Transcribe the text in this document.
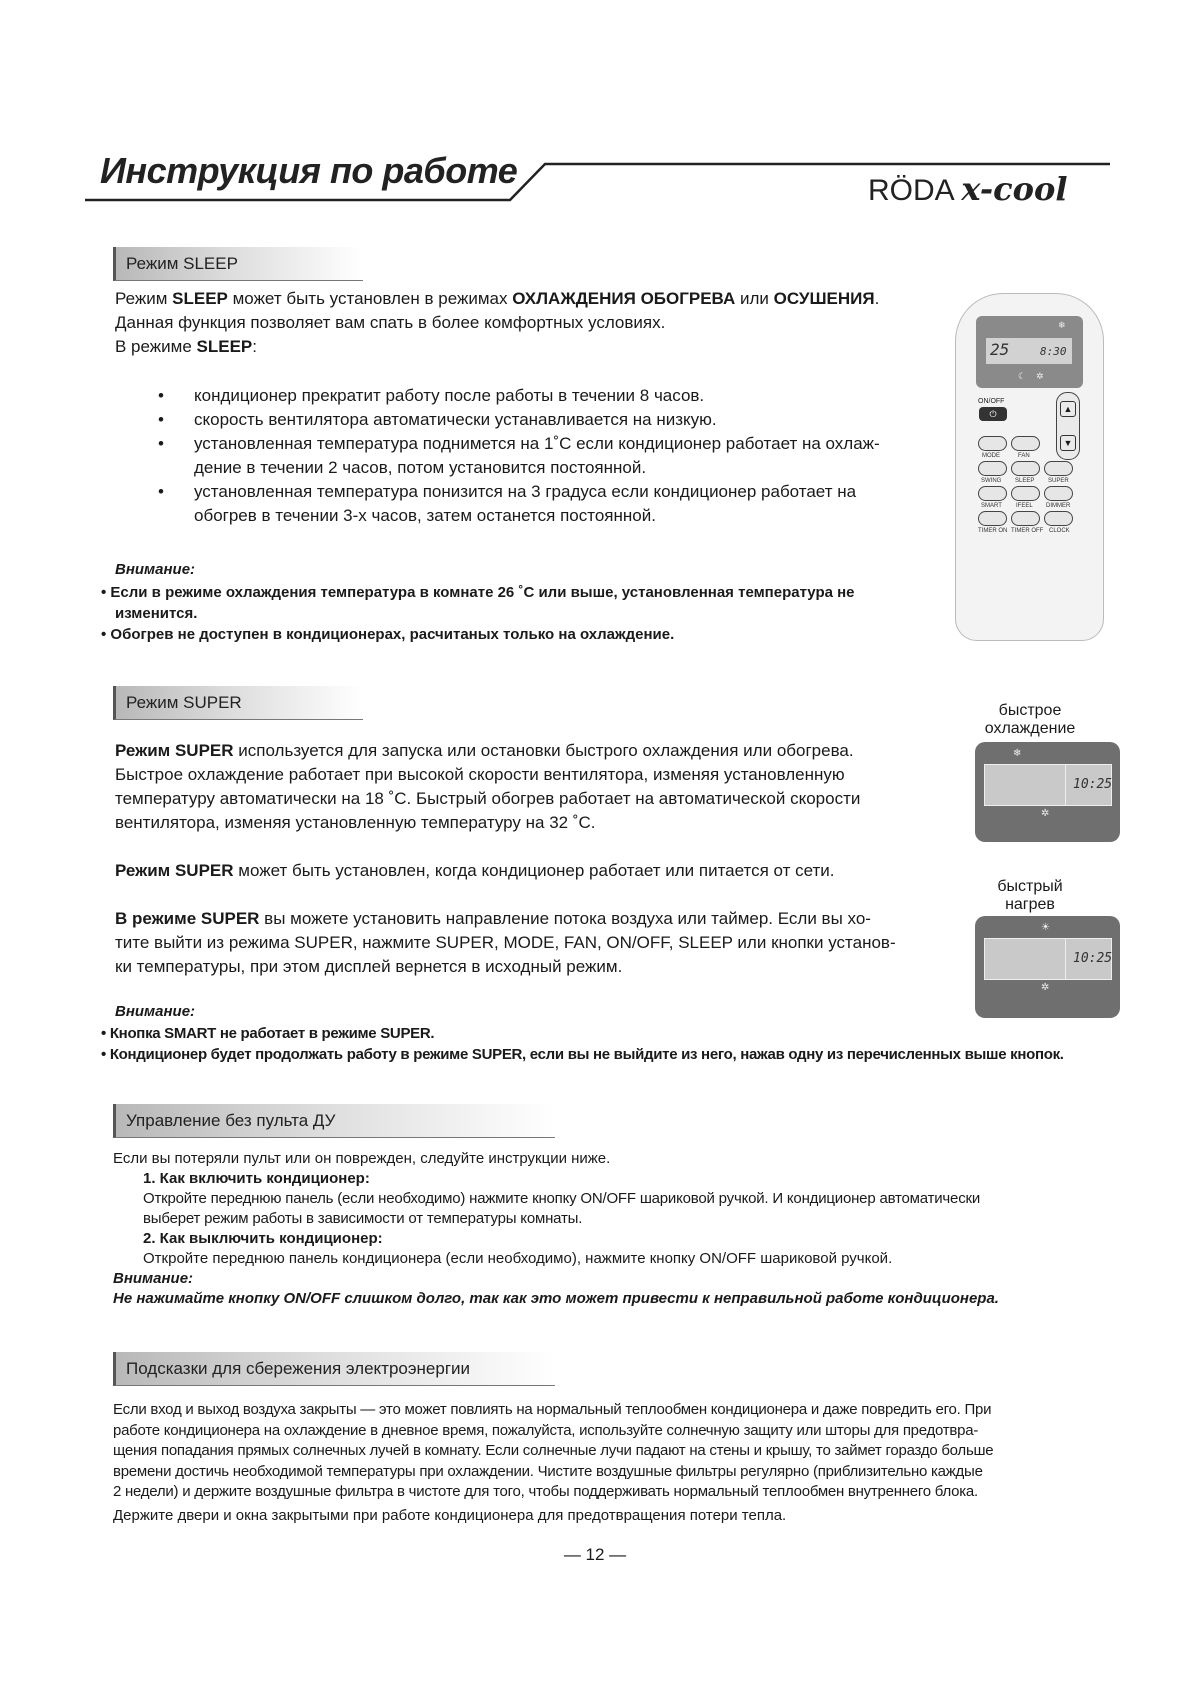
Инструкция по работе	RÖDA x-cool
Режим SLEEP
Режим SLEEP может быть установлен в режимах ОХЛАЖДЕНИЯ ОБОГРЕВА или ОСУШЕНИЯ.
Данная функция позволяет вам спать в более комфортных условиях.
В режиме SLEEP:
• кондиционер прекратит работу после работы в течении 8 часов.
• скорость вентилятора автоматически устанавливается на низкую.
• установленная температура поднимется на 1˚С если кондиционер работает на охлаж-
дение в течении 2 часов, потом установится постоянной.
• установленная температура понизится на 3 градуса если кондиционер работает на
обогрев в течении 3-х часов, затем останется постоянной.
Внимание:
• Если в режиме охлаждения температура в комнате 26 ˚С или выше, установленная температура не
изменится.
• Обогрев не доступен в кондиционерах, расчитаных только на охлаждение.
25	8:30
❄
☾ ✲
ON/OFF
⏻	▲
▼
MODE	FAN
SWING SLEEP SUPER
SMART IFEEL DIMMER
TIMER ON TIMER OFF CLOCK
Режим SUPER
Режим SUPER используется для запуска или остановки быстрого охлаждения или обогрева.
Быстрое охлаждение работает при высокой скорости вентилятора, изменяя установленную
температуру автоматически на 18 ˚С. Быстрый обогрев работает на автоматической скорости
вентилятора, изменяя установленную температуру на 32 ˚С.
Режим SUPER может быть установлен, когда кондиционер работает или питается от сети.
В режиме SUPER вы можете установить направление потока воздуха или таймер. Если вы хо-
тите выйти из режима SUPER, нажмите SUPER, MODE, FAN, ON/OFF, SLEEP или кнопки установ-
ки температуры, при этом дисплей вернется в исходный режим.
Внимание:
• Кнопка SMART не работает в режиме SUPER.
• Кондиционер будет продолжать работу в режиме SUPER, если вы не выйдите из него, нажав одну из перечисленных выше кнопок.
быстрое
охлаждение
❄
10:25
✲
быстрый
нагрев
☀
10:25
✲
Управление без пульта ДУ
Если вы потеряли пульт или он поврежден, следуйте инструкции ниже.
1. Как включить кондиционер:
Откройте переднюю панель (если необходимо) нажмите кнопку ON/OFF шариковой ручкой. И кондиционер автоматически
выберет режим работы в зависимости от температуры комнаты.
2. Как выключить кондиционер:
Откройте переднюю панель кондиционера (если необходимо), нажмите кнопку ON/OFF шариковой ручкой.
Внимание:
Не нажимайте кнопку ON/OFF слишком долго, так как это может привести к неправильной работе кондиционера.
Подсказки для сбережения электроэнергии
Если вход и выход воздуха закрыты — это может повлиять на нормальный теплообмен кондиционера и даже повредить его. При
работе кондиционера на охлаждение в дневное время, пожалуйста, используйте солнечную защиту или шторы для предотвра-
щения попадания прямых солнечных лучей в комнату. Если солнечные лучи падают на стены и крышу, то займет гораздо больше
времени достичь необходимой температуры при охлаждении. Чистите воздушные фильтры регулярно (приблизительно каждые
2 недели) и держите воздушные фильтра в чистоте для того, чтобы поддерживать нормальный теплообмен внутреннего блока.
Держите двери и окна закрытыми при работе кондиционера для предотвращения потери тепла.
— 12 —
